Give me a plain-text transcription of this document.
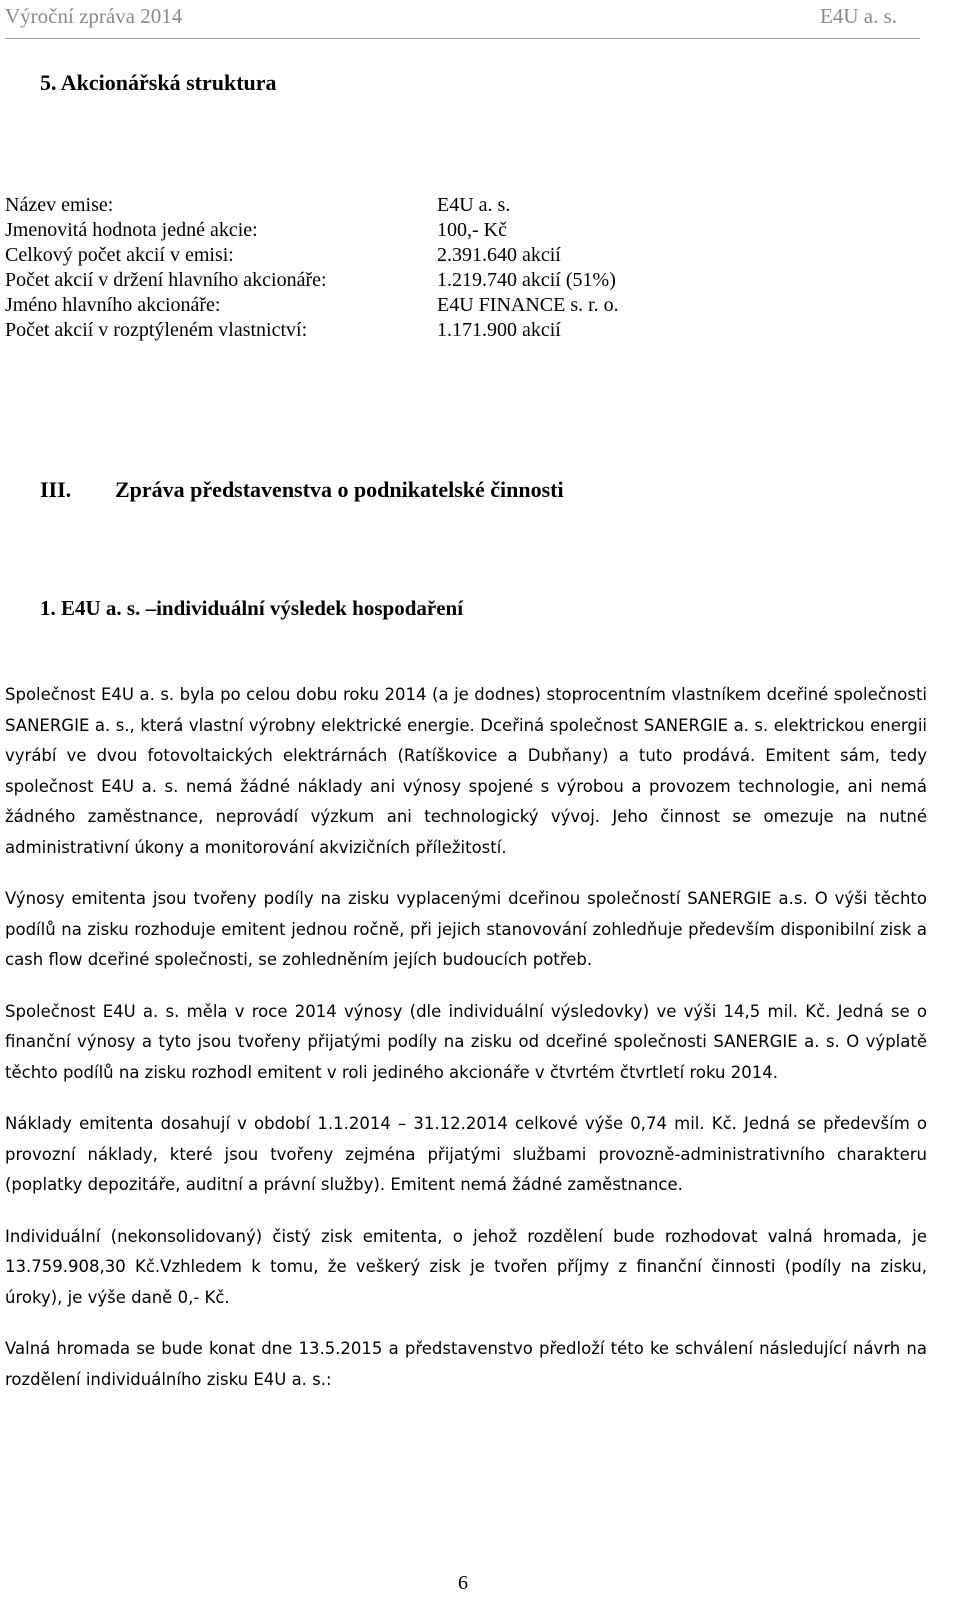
Výroční zpráva 2014	E4U a. s.
5. Akcionářská struktura
Název emise:	E4U a. s.
Jmenovitá hodnota jedné akcie:	100,- Kč
Celkový počet akcií v emisi:	2.391.640 akcií
Počet akcií v držení hlavního akcionáře:	1.219.740 akcií (51%)
Jméno hlavního akcionáře:	E4U FINANCE s. r. o.
Počet akcií v rozptýleném vlastnictví:	1.171.900 akcií
III. Zpráva představenstva o podnikatelské činnosti
1. E4U a. s. –individuální výsledek hospodaření

Společnost E4U a. s. byla po celou dobu roku 2014 (a je dodnes) stoprocentním vlastníkem dceřiné společnosti SANERGIE a. s., která vlastní výrobny elektrické energie. Dceřiná společnost SANERGIE a. s. elektrickou energii vyrábí ve dvou fotovoltaických elektrárnách (Ratíškovice a Dubňany) a tuto prodává. Emitent sám, tedy společnost E4U a. s. nemá žádné náklady ani výnosy spojené s výrobou a provozem technologie, ani nemá žádného zaměstnance, neprovádí výzkum ani technologický vývoj. Jeho činnost se omezuje na nutné administrativní úkony a monitorování akvizičních příležitostí.

Výnosy emitenta jsou tvořeny podíly na zisku vyplacenými dceřinou společností SANERGIE a.s. O výši těchto podílů na zisku rozhoduje emitent jednou ročně, při jejich stanovování zohledňuje především disponibilní zisk a cash flow dceřiné společnosti, se zohledněním jejích budoucích potřeb.

Společnost E4U a. s. měla v roce 2014 výnosy (dle individuální výsledovky) ve výši 14,5 mil. Kč. Jedná se o finanční výnosy a tyto jsou tvořeny přijatými podíly na zisku od dceřiné společnosti SANERGIE a. s. O výplatě těchto podílů na zisku rozhodl emitent v roli jediného akcionáře v čtvrtém čtvrtletí roku 2014.

Náklady emitenta dosahují v období 1.1.2014 – 31.12.2014 celkové výše 0,74 mil. Kč. Jedná se především o provozní náklady, které jsou tvořeny zejména přijatými službami provozně-administrativního charakteru (poplatky depozitáře, auditní a právní služby). Emitent nemá žádné zaměstnance.

Individuální (nekonsolidovaný) čistý zisk emitenta, o jehož rozdělení bude rozhodovat valná hromada, je 13.759.908,30 Kč.Vzhledem k tomu, že veškerý zisk je tvořen příjmy z finanční činnosti (podíly na zisku, úroky), je výše daně 0,- Kč.

Valná hromada se bude konat dne 13.5.2015 a představenstvo předloží této ke schválení následující návrh na rozdělení individuálního zisku E4U a. s.:

6
